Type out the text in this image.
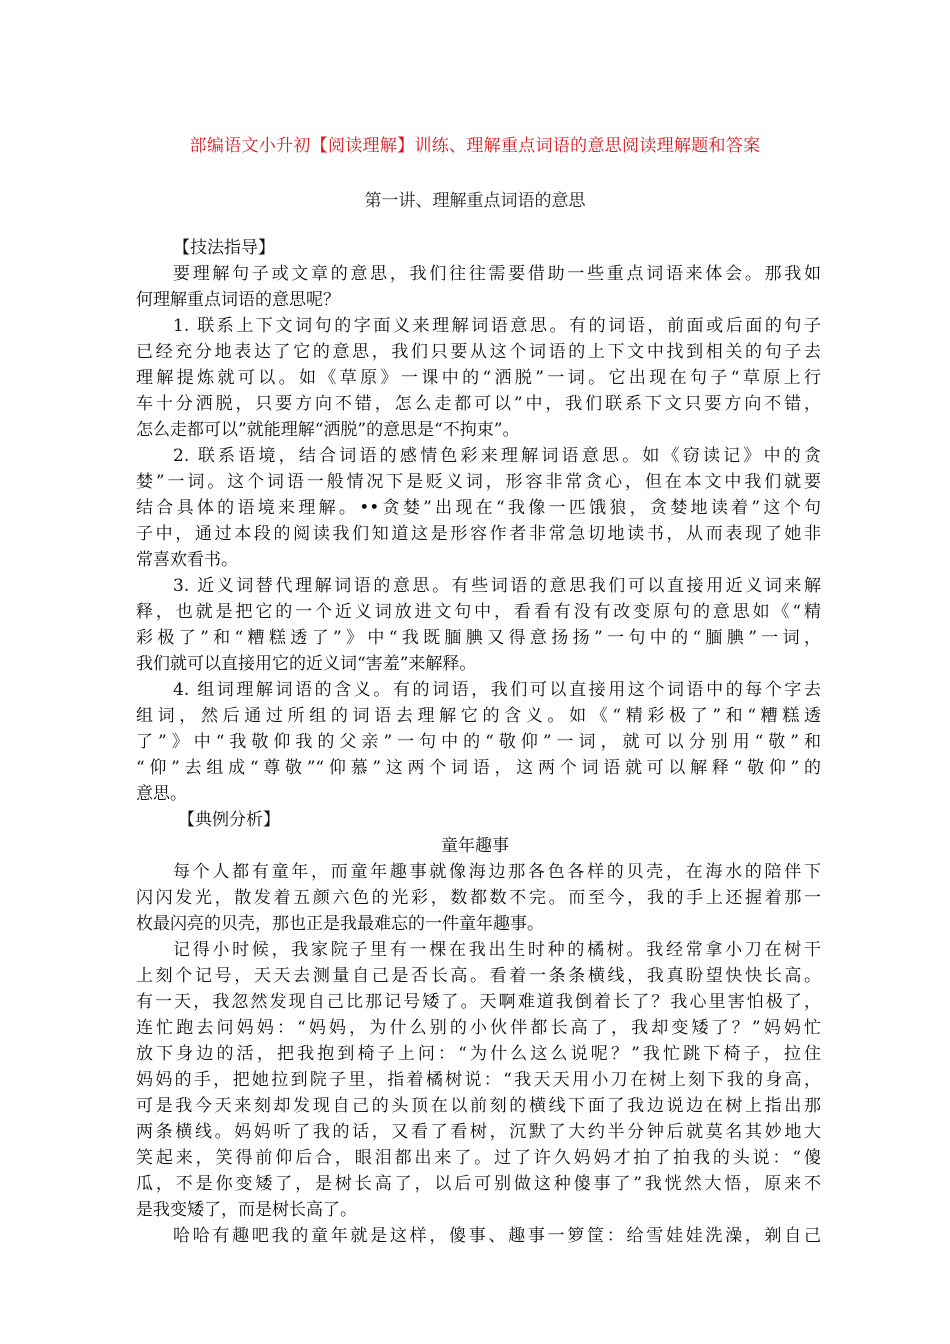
部编语文小升初【阅读理解】训练、理解重点词语的意思阅读理解题和答案
第一讲、理解重点词语的意思
【技法指导】
要理解句子或文章的意思，我们往往需要借助一些重点词语来体会。那我如
何理解重点词语的意思呢？
1. 联系上下文词句的字面义来理解词语意思。有的词语，前面或后面的句子
已经充分地表达了它的意思，我们只要从这个词语的上下文中找到相关的句子去
理解提炼就可以。如《草原》一课中的“洒脱”一词。它出现在句子“草原上行
车十分洒脱，只要方向不错，怎么走都可以”中，我们联系下文只要方向不错，
怎么走都可以”就能理解“洒脱”的意思是“不拘束”。
2. 联系语境，结合词语的感情色彩来理解词语意思。如《窃读记》中的贪
婪”一词。这个词语一般情况下是贬义词，形容非常贪心，但在本文中我们就要
结合具体的语境来理解。••贪婪”出现在“我像一匹饿狼，贪婪地读着”这个句
子中，通过本段的阅读我们知道这是形容作者非常急切地读书，从而表现了她非
常喜欢看书。
3. 近义词替代理解词语的意思。有些词语的意思我们可以直接用近义词来解
释，也就是把它的一个近义词放进文句中，看看有没有改变原句的意思如《“精
彩极了”和“糟糕透了”》中“我既腼腆又得意扬扬”一句中的“腼腆”一词，
我们就可以直接用它的近义词“害羞”来解释。
4. 组词理解词语的含义。有的词语，我们可以直接用这个词语中的每个字去
组词，然后通过所组的词语去理解它的含义。如《“精彩极了”和“糟糕透
了”》中“我敬仰我的父亲”一句中的“敬仰”一词，就可以分别用“敬”和
“仰”去组成“尊敬”“仰慕”这两个词语，这两个词语就可以解释“敬仰”的
意思。
【典例分析】
童年趣事
每个人都有童年，而童年趣事就像海边那各色各样的贝壳，在海水的陪伴下
闪闪发光，散发着五颜六色的光彩，数都数不完。而至今，我的手上还握着那一
枚最闪亮的贝壳，那也正是我最难忘的一件童年趣事。
记得小时候，我家院子里有一棵在我出生时种的橘树。我经常拿小刀在树干
上刻个记号，天天去测量自己是否长高。看着一条条横线，我真盼望快快长高。
有一天，我忽然发现自己比那记号矮了。天啊难道我倒着长了？我心里害怕极了，
连忙跑去问妈妈：“妈妈，为什么别的小伙伴都长高了，我却变矮了？”妈妈忙
放下身边的活，把我抱到椅子上问：“为什么这么说呢？”我忙跳下椅子，拉住
妈妈的手，把她拉到院子里，指着橘树说：“我天天用小刀在树上刻下我的身高，
可是我今天来刻却发现自己的头顶在以前刻的横线下面了我边说边在树上指出那
两条横线。妈妈听了我的话，又看了看树，沉默了大约半分钟后就莫名其妙地大
笑起来，笑得前仰后合，眼泪都出来了。过了许久妈妈才拍了拍我的头说：“傻
瓜，不是你变矮了，是树长高了，以后可别做这种傻事了”我恍然大悟，原来不
是我变矮了，而是树长高了。
哈哈有趣吧我的童年就是这样，傻事、趣事一箩筐：给雪娃娃洗澡，剃自己
